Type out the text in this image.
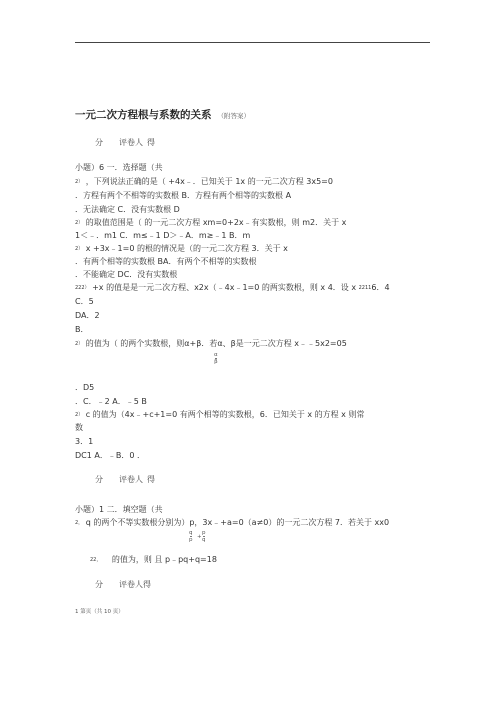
一元二次方程根与系数的关系 （附答案）
分 评卷人 得
小题）6 一．选择题（共
2） ，下列说法正确的是（ +4x﹣．已知关于 1x 的一元二次方程 3x5=0
．方程有两个不相等的实数根 B．方程有两个相等的实数根 A
．无法确定 C．没有实数根 D
2） 的取值范围是（ 的一元二次方程 xm=0+2x﹣有实数根，则 m2．关于 x
1＜﹣．m1 C．m≤﹣1 D＞﹣A．m≥﹣1 B．m
2） x +3x﹣1=0 的根的情况是（的一元二次方程 3．关于 x
．有两个相等的实数根 BA．有两个不相等的实数根
．不能确定 DC．没有实数根
222） +x 的值是是一元二次方程、x2x（﹣4x﹣1=0 的两实数根，则 x 4．设 x 22116．4
C．5
DA．2
B．
2） 的值为（ 的两个实数根，则α+β．若α、β是一元二次方程 x﹣﹣5x2=05
α
β
．D5
．C．﹣2 A．﹣5 B
2） c 的值为（4x﹣+c+1=0 有两个相等的实数根，6．已知关于 x 的方程 x 则常
数
3．1
DC1 A．﹣B．0 ．
分 评卷人 得
小题）1 二．填空题（共
2， q 的两个不等实数根分别为）p，3x﹣+a=0（a≠0）的一元二次方程 7．若关于 xx0
q
p +
p
q
22， 的值为，则 且 p﹣pq+q=18
分 评卷人得
1 第页（共 10 页）
